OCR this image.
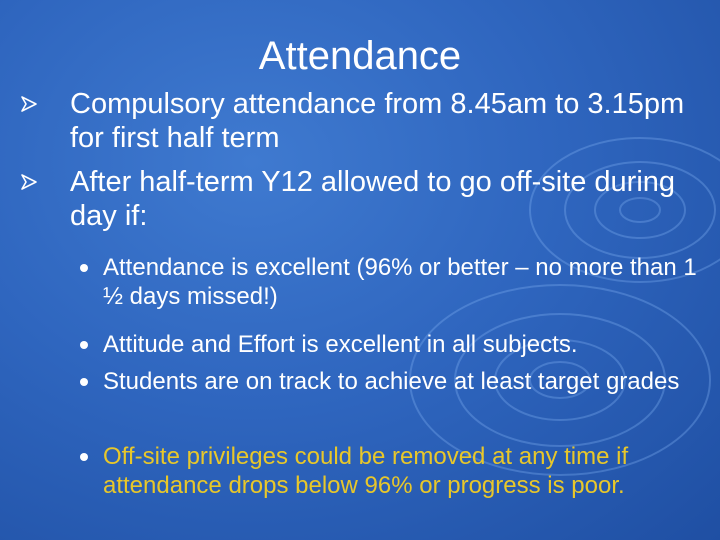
Attendance
Compulsory attendance from 8.45am to 3.15pm for first half term
After half-term Y12 allowed to go off-site during day if:
Attendance is excellent (96% or better – no more than 1 ½ days missed!)
Attitude and Effort is excellent in all subjects.
Students are on track to achieve at least target grades
Off-site privileges could be removed at any time if attendance drops below 96% or progress is poor.
